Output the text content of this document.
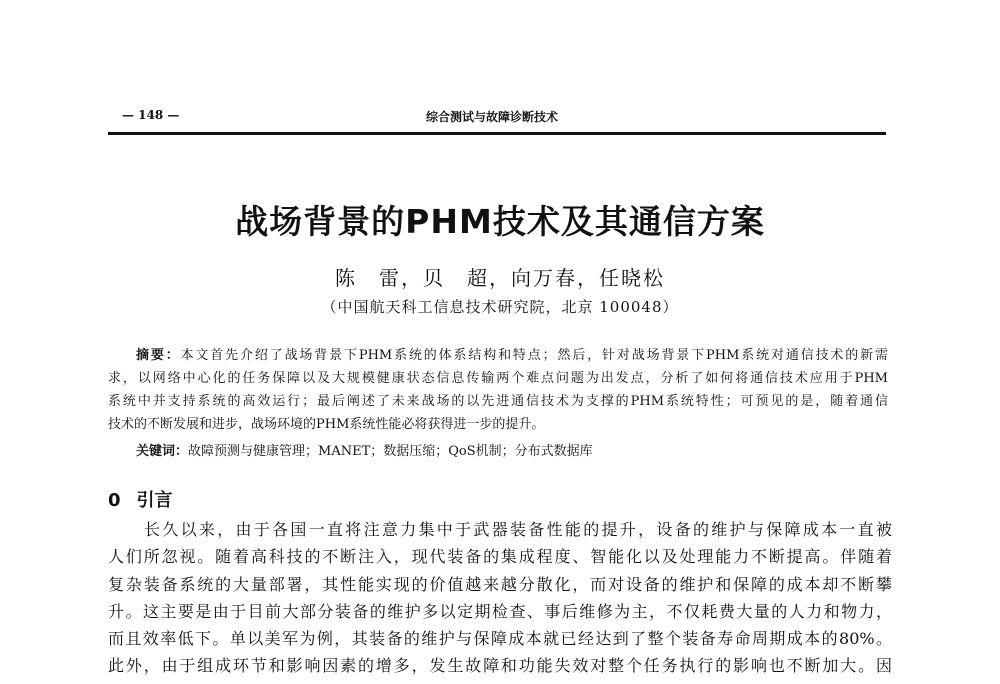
— 148 —	综合测试与故障诊断技术
战场背景的PHM技术及其通信方案
陈　雷，贝　超，向万春，任晓松
（中国航天科工信息技术研究院，北京 100048）
摘要：本文首先介绍了战场背景下PHM系统的体系结构和特点；然后，针对战场背景下PHM系统对通信技术的新需
求，以网络中心化的任务保障以及大规模健康状态信息传输两个难点问题为出发点，分析了如何将通信技术应用于PHM
系统中并支持系统的高效运行；最后阐述了未来战场的以先进通信技术为支撑的PHM系统特性；可预见的是，随着通信
技术的不断发展和进步，战场环境的PHM系统性能必将获得进一步的提升。
关键词：故障预测与健康管理；MANET；数据压缩；QoS机制；分布式数据库
0 引言
长久以来，由于各国一直将注意力集中于武器装备性能的提升，设备的维护与保障成本一直被
人们所忽视。随着高科技的不断注入，现代装备的集成程度、智能化以及处理能力不断提高。伴随着
复杂装备系统的大量部署，其性能实现的价值越来越分散化，而对设备的维护和保障的成本却不断攀
升。这主要是由于目前大部分装备的维护多以定期检查、事后维修为主，不仅耗费大量的人力和物力，
而且效率低下。单以美军为例，其装备的维护与保障成本就已经达到了整个装备寿命周期成本的80%。
此外，由于组成环节和影响因素的增多，发生故障和功能失效对整个任务执行的影响也不断加大。因
